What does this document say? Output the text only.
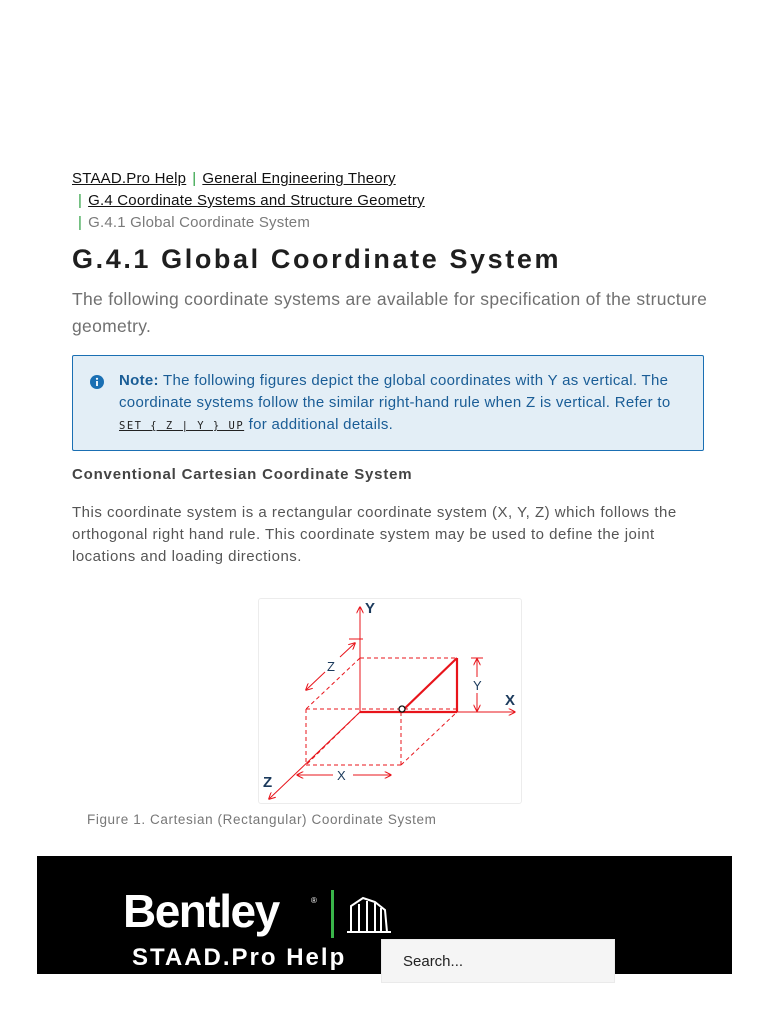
STAAD.Pro Help | General Engineering Theory
| G.4 Coordinate Systems and Structure Geometry
| G.4.1 Global Coordinate System
G.4.1 Global Coordinate System

The following coordinate systems are available for specification of the structure geometry.

Note: The following figures depict the global coordinates with Y as vertical. The coordinate systems follow the similar right-hand rule when Z is vertical. Refer to SET { Z | Y } UP for additional details.
Conventional Cartesian Coordinate System

This coordinate system is a rectangular coordinate system (X, Y, Z) which follows the orthogonal right hand rule. This coordinate system may be used to define the joint locations and loading directions.

Y
X
Z
Y
X
Z
Figure 1. Cartesian (Rectangular) Coordinate System
Bentley	®
STAAD.Pro Help
Search...
